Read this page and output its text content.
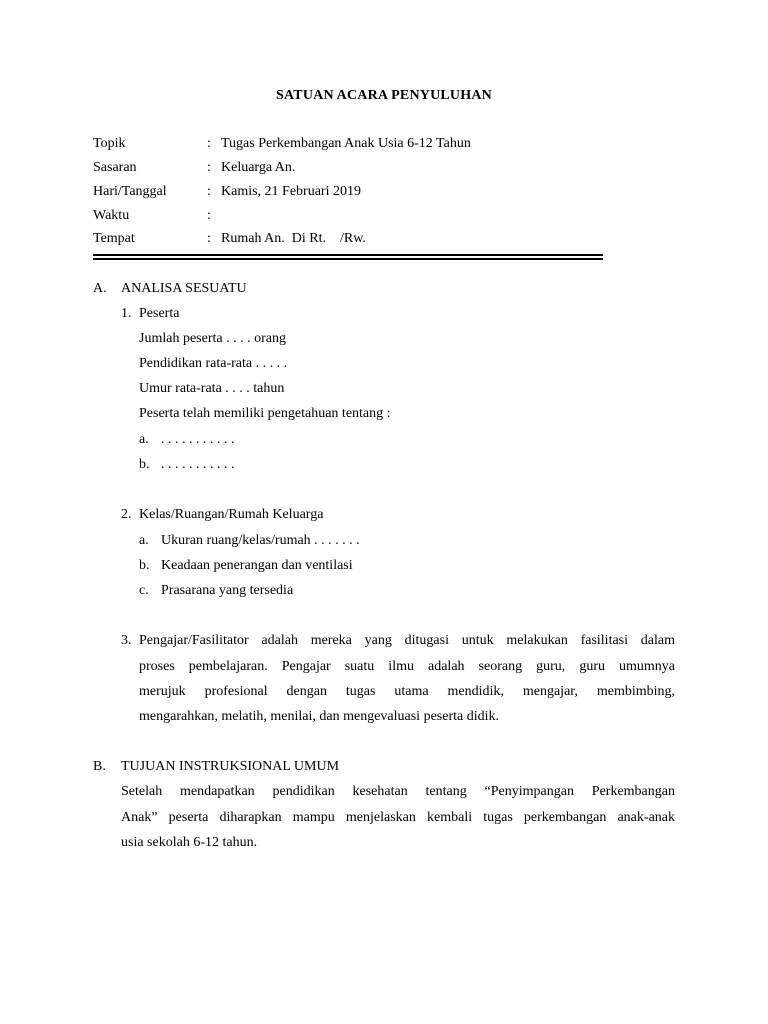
SATUAN ACARA PENYULUHAN
Topik	: Tugas Perkembangan Anak Usia 6-12 Tahun
Sasaran	: Keluarga An.
Hari/Tanggal	: Kamis, 21 Februari 2019
Waktu	:
Tempat	: Rumah An.  Di Rt.    /Rw.
A. ANALISA SESUATU
1. Peserta
Jumlah peserta . . . . orang
Pendidikan rata-rata . . . . .
Umur rata-rata . . . . tahun
Peserta telah memiliki pengetahuan tentang :
a. . . . . . . . . . . .
b. . . . . . . . . . . .
2. Kelas/Ruangan/Rumah Keluarga
a. Ukuran ruang/kelas/rumah . . . . . . .
b. Keadaan penerangan dan ventilasi
c. Prasarana yang tersedia
3. Pengajar/Fasilitator adalah mereka yang ditugasi untuk melakukan fasilitasi dalam
proses pembelajaran. Pengajar suatu ilmu adalah seorang guru, guru umumnya
merujuk profesional dengan tugas utama mendidik, mengajar, membimbing,
mengarahkan, melatih, menilai, dan mengevaluasi peserta didik.
B. TUJUAN INSTRUKSIONAL UMUM
Setelah mendapatkan pendidikan kesehatan tentang “Penyimpangan Perkembangan
Anak” peserta diharapkan mampu menjelaskan kembali tugas perkembangan anak-anak
usia sekolah 6-12 tahun.
